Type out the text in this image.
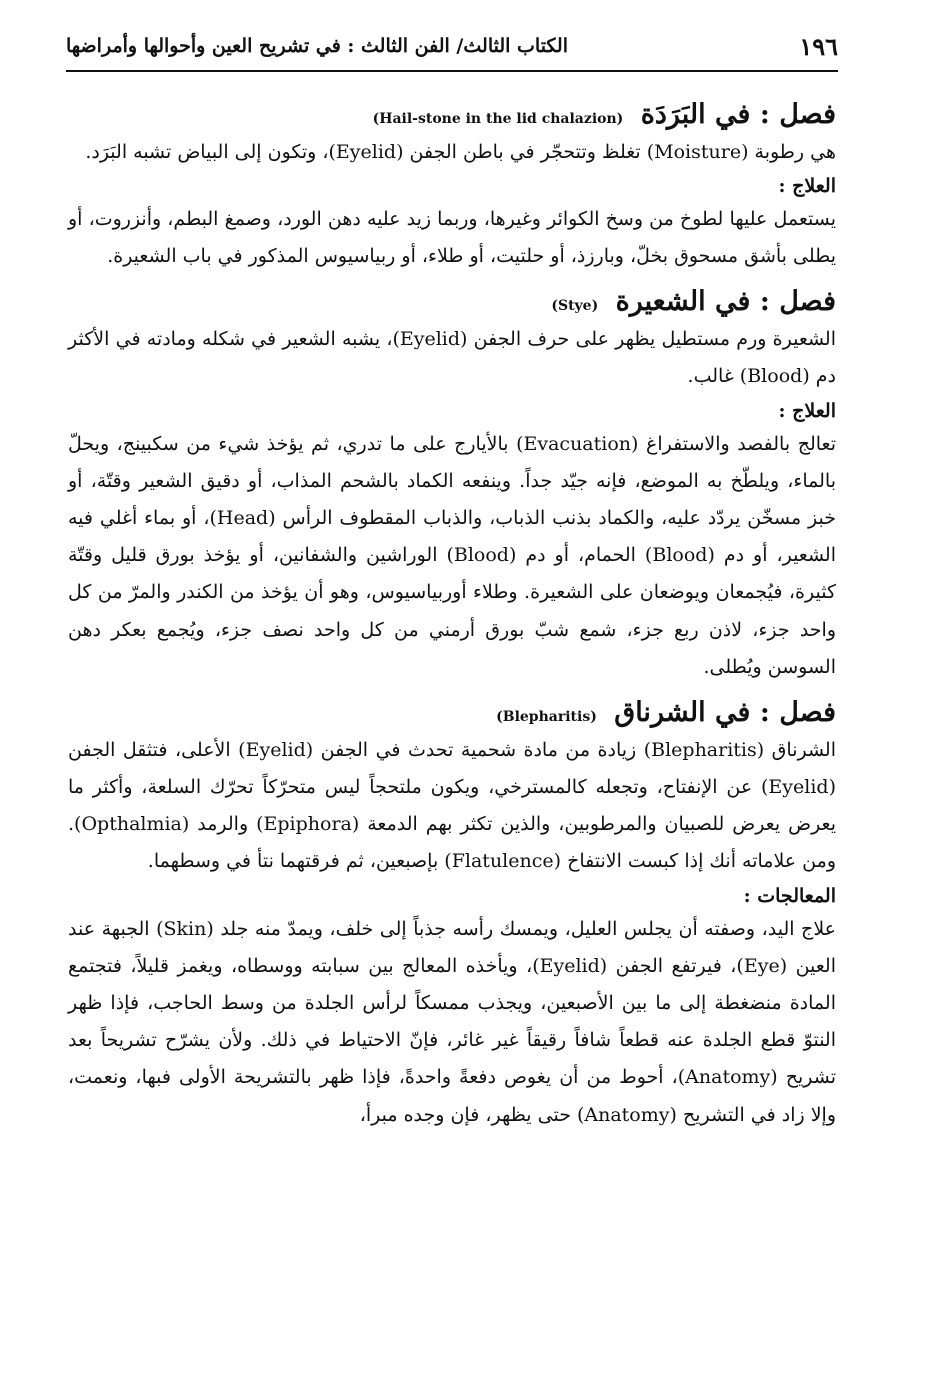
١٩٦
الكتاب الثالث/ الفن الثالث : في تشريح العين وأحوالها وأمراضها
فصل : في البَرَدَة (Hail-stone in the lid chalazion)

هي رطوبة (Moisture) تغلظ وتتحجّر في باطن الجفن (Eyelid)، وتكون إلى البياض تشبه البَرَد.

العلاج :

يستعمل عليها لطوخ من وسخ الكوائر وغيرها، وربما زيد عليه دهن الورد، وصمغ البطم، وأنزروت، أو يطلى بأشق مسحوق بخلّ، وبارزذ، أو حلتيت، أو طلاء، أو ربياسيوس المذكور في باب الشعيرة.

فصل : في الشعيرة (Stye)

الشعيرة ورم مستطيل يظهر على حرف الجفن (Eyelid)، يشبه الشعير في شكله ومادته في الأكثر دم (Blood) غالب.

العلاج :

تعالج بالفصد والاستفراغ (Evacuation) بالأيارج على ما تدري، ثم يؤخذ شيء من سكبينج، ويحلّ بالماء، ويلطّخ به الموضع، فإنه جيّد جداً. وينفعه الكماد بالشحم المذاب، أو دقيق الشعير وقتّة، أو خبز مسخّن يردّد عليه، والكماد بذنب الذباب، والذباب المقطوف الرأس (Head)، أو بماء أغلي فيه الشعير، أو دم (Blood) الحمام، أو دم (Blood) الوراشين والشفانين، أو يؤخذ بورق قليل وقتّة كثيرة، فيُجمعان ويوضعان على الشعيرة. وطلاء أوربياسيوس، وهو أن يؤخذ من الكندر والمرّ من كل واحد جزء، لاذن ربع جزء، شمع شبّ بورق أرمني من كل واحد نصف جزء، ويُجمع بعكر دهن السوسن ويُطلى.

فصل : في الشرناق (Blepharitis)

الشرناق (Blepharitis) زيادة من مادة شحمية تحدث في الجفن (Eyelid) الأعلى، فتثقل الجفن (Eyelid) عن الإنفتاح، وتجعله كالمسترخي، ويكون ملتحجاً ليس متحرّكاً تحرّك السلعة، وأكثر ما يعرض يعرض للصبيان والمرطوبين، والذين تكثر بهم الدمعة (Epiphora) والرمد (Opthalmia). ومن علاماته أنك إذا كبست الانتفاخ (Flatulence) بإصبعين، ثم فرقتهما نتأ في وسطهما.

المعالجات :

علاج اليد، وصفته أن يجلس العليل، ويمسك رأسه جذباً إلى خلف، ويمدّ منه جلد (Skin) الجبهة عند العين (Eye)، فيرتفع الجفن (Eyelid)، ويأخذه المعالج بين سبابته ووسطاه، ويغمز قليلاً، فتجتمع المادة منضغطة إلى ما بين الأصبعين، ويجذب ممسكاً لرأس الجلدة من وسط الحاجب، فإذا ظهر النتوّ قطع الجلدة عنه قطعاً شافاً رقيقاً غير غائر، فإنّ الاحتياط في ذلك. ولأن يشرّح تشريحاً بعد تشريح (Anatomy)، أحوط من أن يغوص دفعةً واحدةً، فإذا ظهر بالتشريحة الأولى فبها، ونعمت، وإلا زاد في التشريح (Anatomy) حتى يظهر، فإن وجده مبرأ،
